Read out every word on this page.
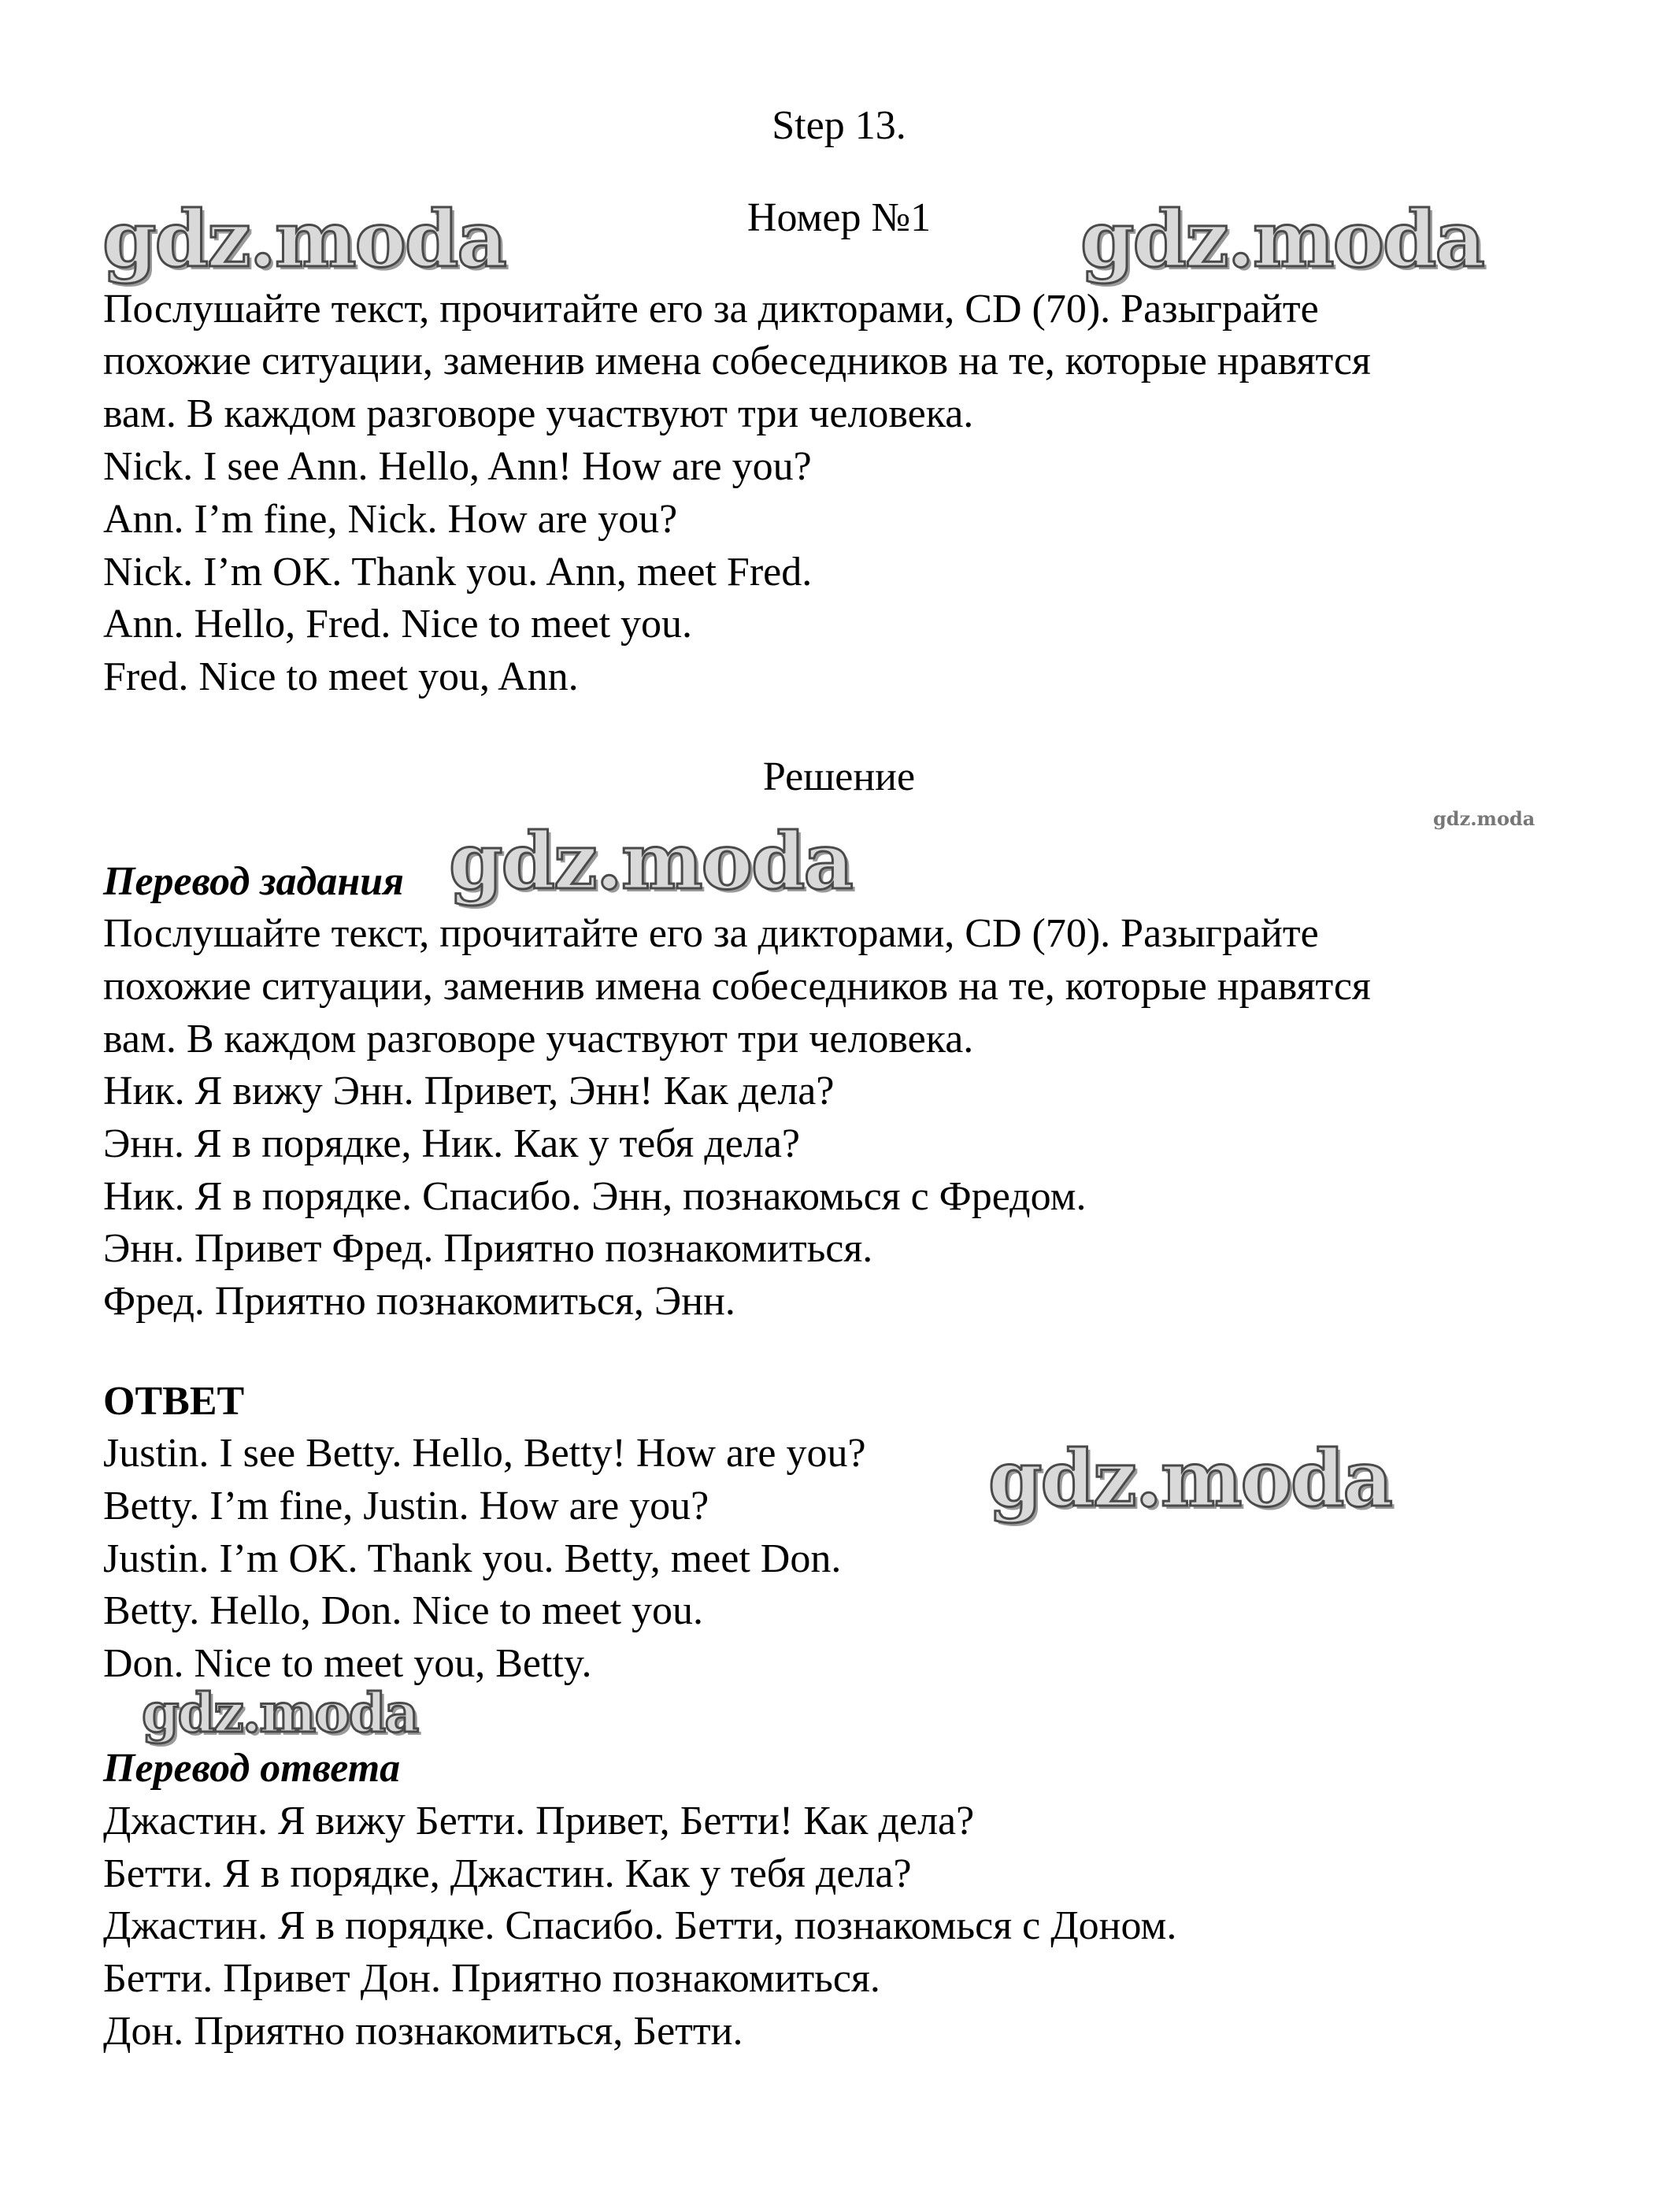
Step 13.
Номер №1
Послушайте текст, прочитайте его за дикторами, CD (70). Разыграйте
похожие ситуации, заменив имена собеседников на те, которые нравятся
вам. В каждом разговоре участвуют три человека.
Nick. I see Ann. Hello, Ann! How are you?
Ann. I’m fine, Nick. How are you?
Nick. I’m OK. Thank you. Ann, meet Fred.
Ann. Hello, Fred. Nice to meet you.
Fred. Nice to meet you, Ann.
Решение
Перевод задания
Послушайте текст, прочитайте его за дикторами, CD (70). Разыграйте
похожие ситуации, заменив имена собеседников на те, которые нравятся
вам. В каждом разговоре участвуют три человека.
Ник. Я вижу Энн. Привет, Энн! Как дела?
Энн. Я в порядке, Ник. Как у тебя дела?
Ник. Я в порядке. Спасибо. Энн, познакомься с Фредом.
Энн. Привет Фред. Приятно познакомиться.
Фред. Приятно познакомиться, Энн.
ОТВЕТ
Justin. I see Betty. Hello, Betty! How are you?
Betty. I’m fine, Justin. How are you?
Justin. I’m OK. Thank you. Betty, meet Don.
Betty. Hello, Don. Nice to meet you.
Don. Nice to meet you, Betty.
Перевод ответа
Джастин. Я вижу Бетти. Привет, Бетти! Как дела?
Бетти. Я в порядке, Джастин. Как у тебя дела?
Джастин. Я в порядке. Спасибо. Бетти, познакомься с Доном.
Бетти. Привет Дон. Приятно познакомиться.
Дон. Приятно познакомиться, Бетти.
gdz.moda	gdz.moda
gdz.moda	gdz.moda
gdz.moda
gdz.moda
